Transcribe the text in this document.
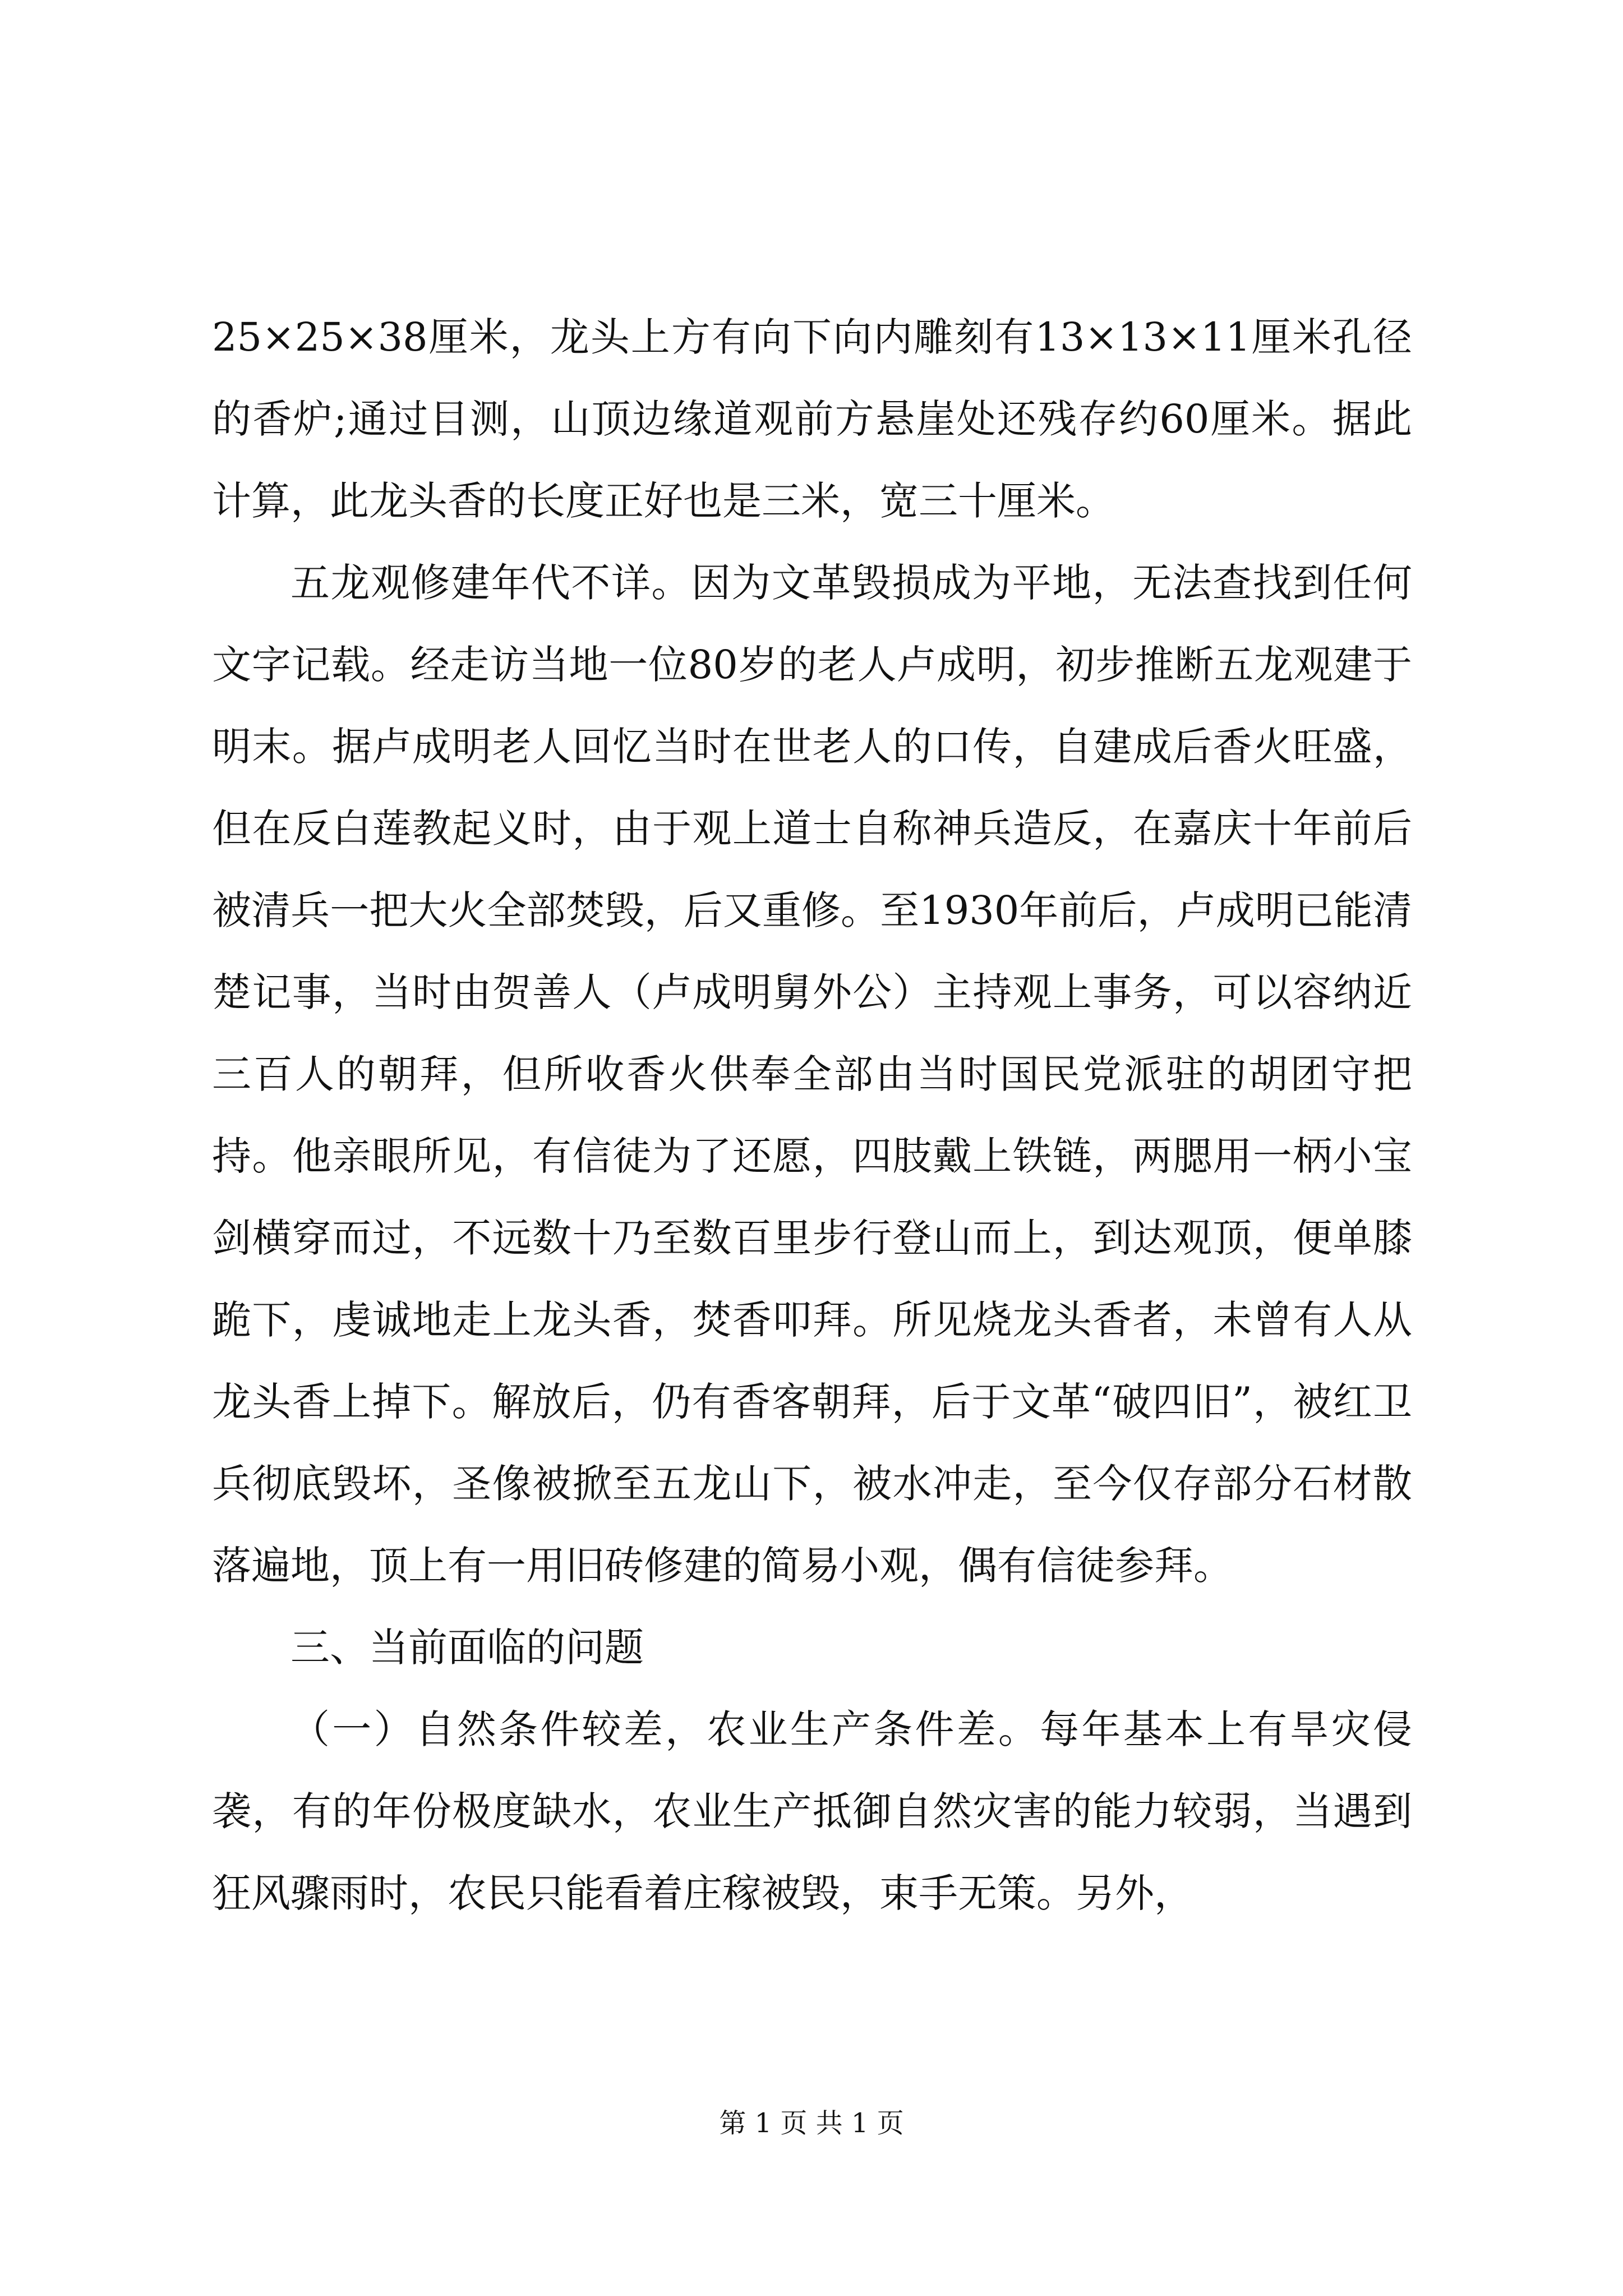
25×25×38厘米，龙头上方有向下向内雕刻有13×13×11厘米孔径的香炉;通过目测，山顶边缘道观前方悬崖处还残存约60厘米。据此计算，此龙头香的长度正好也是三米，宽三十厘米。

五龙观修建年代不详。因为文革毁损成为平地，无法查找到任何文字记载。经走访当地一位80岁的老人卢成明，初步推断五龙观建于明末。据卢成明老人回忆当时在世老人的口传，自建成后香火旺盛，但在反白莲教起义时，由于观上道士自称神兵造反，在嘉庆十年前后被清兵一把大火全部焚毁，后又重修。至1930年前后，卢成明已能清楚记事，当时由贺善人（卢成明舅外公）主持观上事务，可以容纳近三百人的朝拜，但所收香火供奉全部由当时国民党派驻的胡团守把持。他亲眼所见，有信徒为了还愿，四肢戴上铁链，两腮用一柄小宝剑横穿而过，不远数十乃至数百里步行登山而上，到达观顶，便单膝跪下，虔诚地走上龙头香，焚香叩拜。所见烧龙头香者，未曾有人从龙头香上掉下。解放后，仍有香客朝拜，后于文革“破四旧”，被红卫兵彻底毁坏，圣像被掀至五龙山下，被水冲走，至今仅存部分石材散落遍地，顶上有一用旧砖修建的简易小观，偶有信徒参拜。

三、当前面临的问题

（一）自然条件较差，农业生产条件差。每年基本上有旱灾侵袭，有的年份极度缺水，农业生产抵御自然灾害的能力较弱，当遇到狂风骤雨时，农民只能看着庄稼被毁，束手无策。另外，

第 1 页 共 1 页
